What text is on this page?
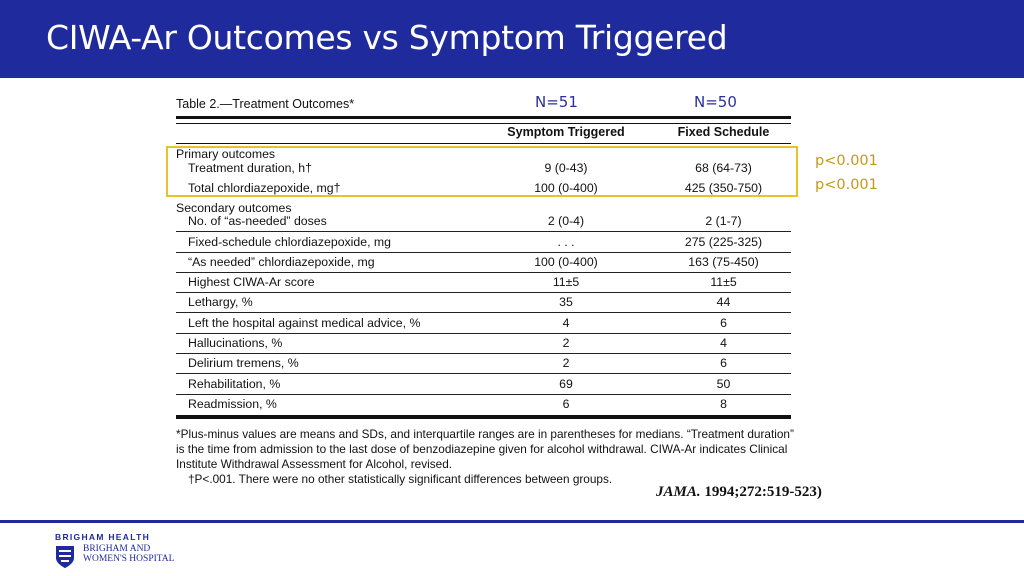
CIWA-Ar Outcomes vs Symptom Triggered
N=51	N=50
Table 2.—Treatment Outcomes*
Symptom Triggered	Fixed Schedule
Primary outcomes
Treatment duration, h†	9 (0-43)	68 (64-73)
Total chlordiazepoxide, mg†	100 (0-400)	425 (350-750)
Secondary outcomes
No. of “as-needed” doses	2 (0-4)	2 (1-7)
Fixed-schedule chlordiazepoxide, mg	. . .	275 (225-325)
“As needed” chlordiazepoxide, mg	100 (0-400)	163 (75-450)
Highest CIWA-Ar score	11±5	11±5
Lethargy, %	35	44
Left the hospital against medical advice, %	4	6
Hallucinations, %	2	4
Delirium tremens, %	2	6
Rehabilitation, %	69	50
Readmission, %	6	8
p<0.001
p<0.001
*Plus-minus values are means and SDs, and interquartile ranges are in parentheses for medians. “Treatment duration” is the time from admission to the last dose of benzodiazepine given for alcohol withdrawal. CIWA-Ar indicates Clinical Institute Withdrawal Assessment for Alcohol, revised.
†P<.001. There were no other statistically significant differences between groups.
JAMA. 1994;272:519-523)
BRIGHAM HEALTH
BRIGHAM AND
WOMEN'S HOSPITAL
